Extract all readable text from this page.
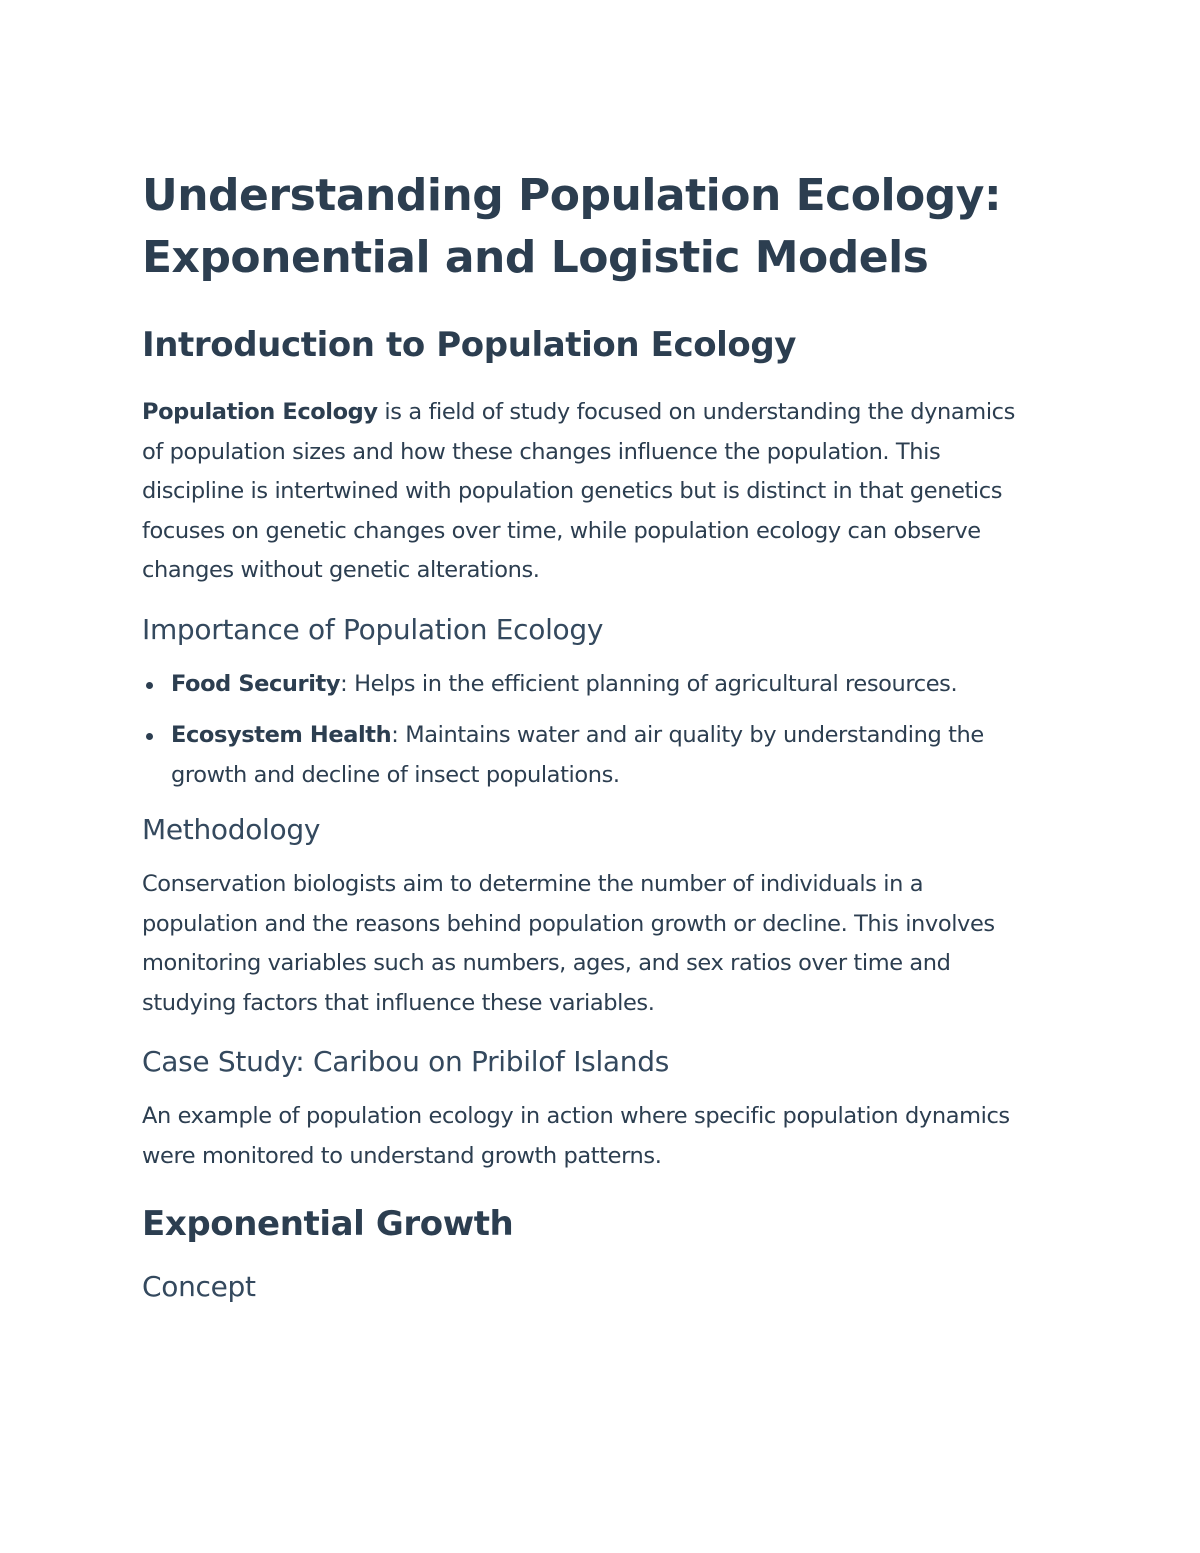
Understanding Population Ecology: Exponential and Logistic Models
Introduction to Population Ecology

Population Ecology is a field of study focused on understanding the dynamics of population sizes and how these changes influence the population. This discipline is intertwined with population genetics but is distinct in that genetics focuses on genetic changes over time, while population ecology can observe changes without genetic alterations.

Importance of Population Ecology
Food Security: Helps in the efficient planning of agricultural resources.
Ecosystem Health: Maintains water and air quality by understanding the growth and decline of insect populations.
Methodology

Conservation biologists aim to determine the number of individuals in a population and the reasons behind population growth or decline. This involves monitoring variables such as numbers, ages, and sex ratios over time and studying factors that influence these variables.

Case Study: Caribou on Pribilof Islands

An example of population ecology in action where specific population dynamics were monitored to understand growth patterns.

Exponential Growth
Concept
